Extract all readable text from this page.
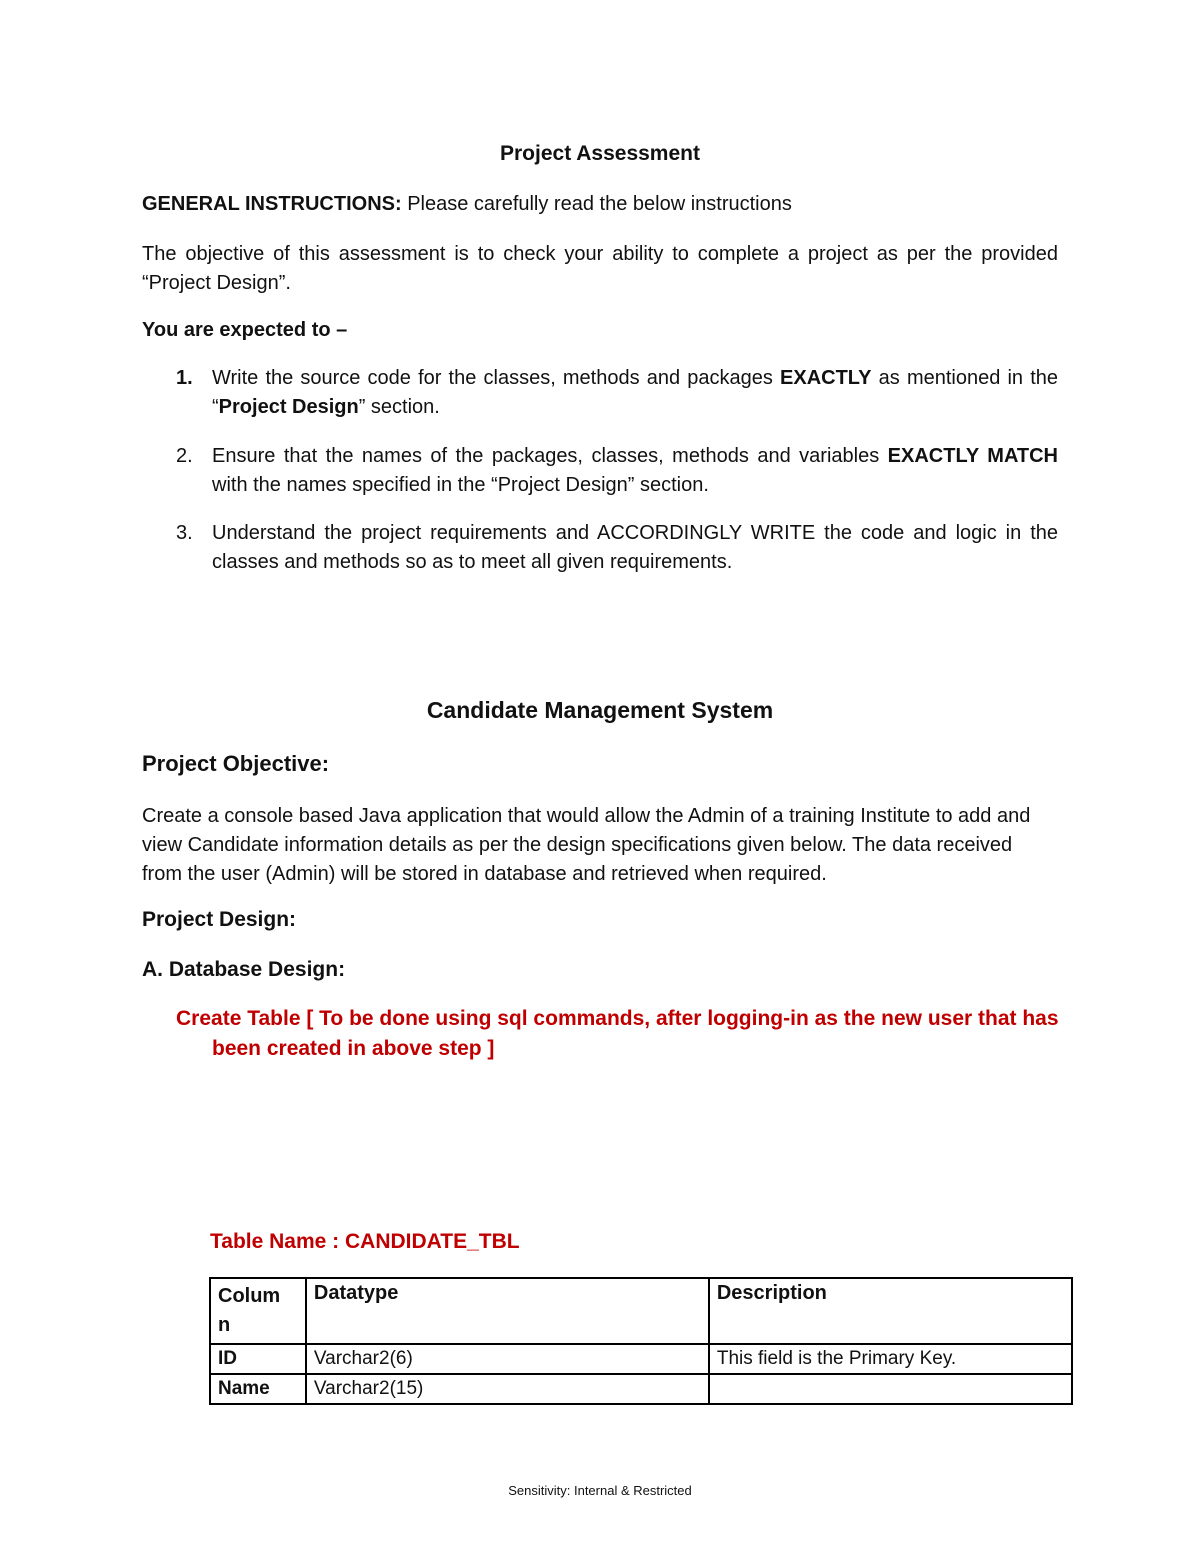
Project Assessment
GENERAL INSTRUCTIONS: Please carefully read the below instructions
The objective of this assessment is to check your ability to complete a project as per the provided “Project Design”.
You are expected to –
1. Write the source code for the classes, methods and packages EXACTLY as mentioned in the “Project Design” section.
2. Ensure that the names of the packages, classes, methods and variables EXACTLY MATCH with the names specified in the “Project Design” section.
3. Understand the project requirements and ACCORDINGLY WRITE the code and logic in the classes and methods so as to meet all given requirements.
Candidate Management System
Project Objective:
Create a console based Java application that would allow the Admin of a training Institute to add and view Candidate information details as per the design specifications given below. The data received from the user (Admin) will be stored in database and retrieved when required.
Project Design:
A. Database Design:
Create Table [ To be done using sql commands, after logging-in as the new user that has
been created in above step ]
Table Name : CANDIDATE_TBL
Colum n	Datatype	Description
ID	Varchar2(6)	This field is the Primary Key.
Name	Varchar2(15)	
Sensitivity: Internal & Restricted
